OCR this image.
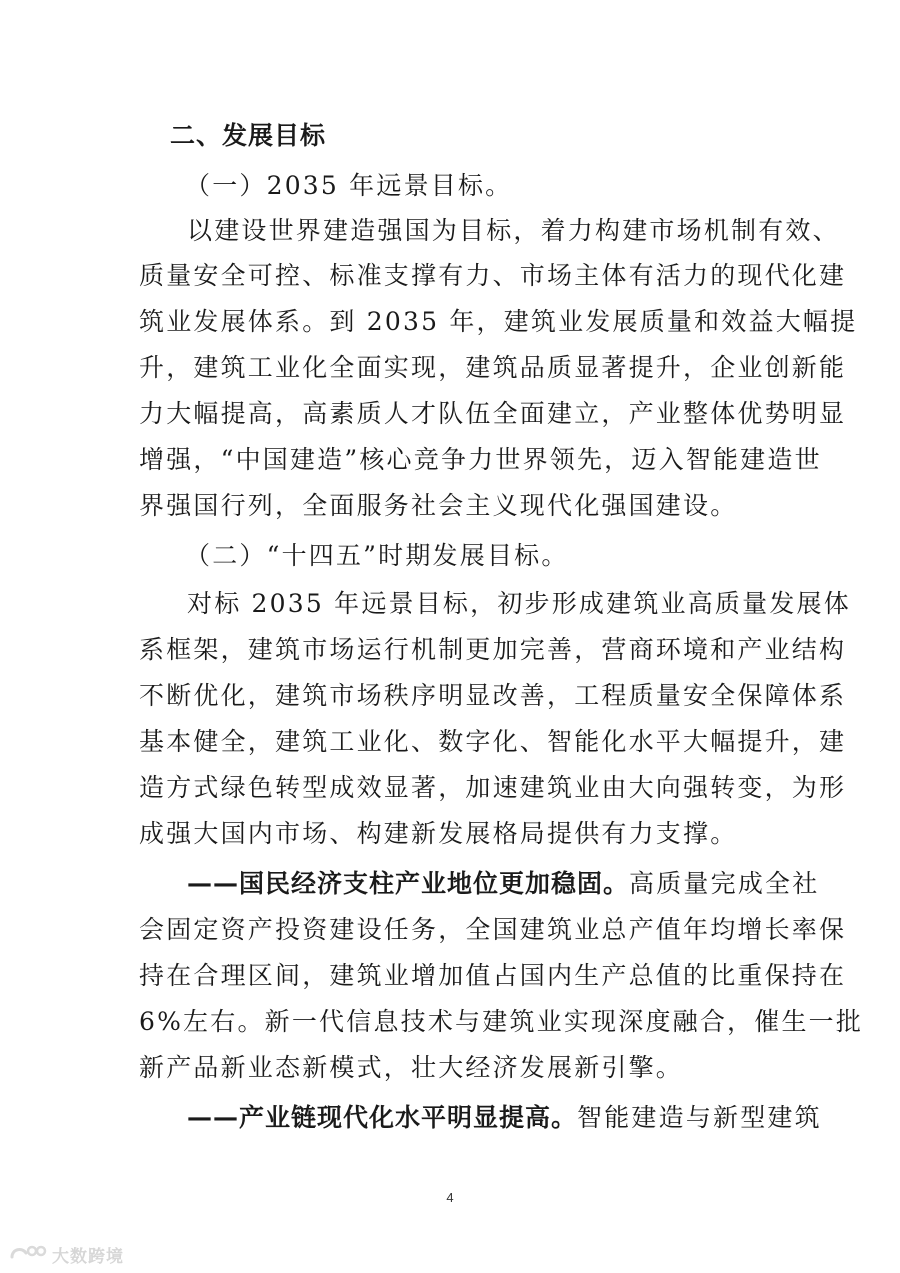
二、发展目标
（一）2035 年远景目标。
以建设世界建造强国为目标，着力构建市场机制有效、
质量安全可控、标准支撑有力、市场主体有活力的现代化建
筑业发展体系。到 2035 年，建筑业发展质量和效益大幅提
升，建筑工业化全面实现，建筑品质显著提升，企业创新能
力大幅提高，高素质人才队伍全面建立，产业整体优势明显
增强，“中国建造”核心竞争力世界领先，迈入智能建造世
界强国行列，全面服务社会主义现代化强国建设。
（二）“十四五”时期发展目标。
对标 2035 年远景目标，初步形成建筑业高质量发展体
系框架，建筑市场运行机制更加完善，营商环境和产业结构
不断优化，建筑市场秩序明显改善，工程质量安全保障体系
基本健全，建筑工业化、数字化、智能化水平大幅提升，建
造方式绿色转型成效显著，加速建筑业由大向强转变，为形
成强大国内市场、构建新发展格局提供有力支撑。
——国民经济支柱产业地位更加稳固。高质量完成全社
会固定资产投资建设任务，全国建筑业总产值年均增长率保
持在合理区间，建筑业增加值占国内生产总值的比重保持在
6%左右。新一代信息技术与建筑业实现深度融合，催生一批
新产品新业态新模式，壮大经济发展新引擎。
——产业链现代化水平明显提高。智能建造与新型建筑
4
大数跨境
